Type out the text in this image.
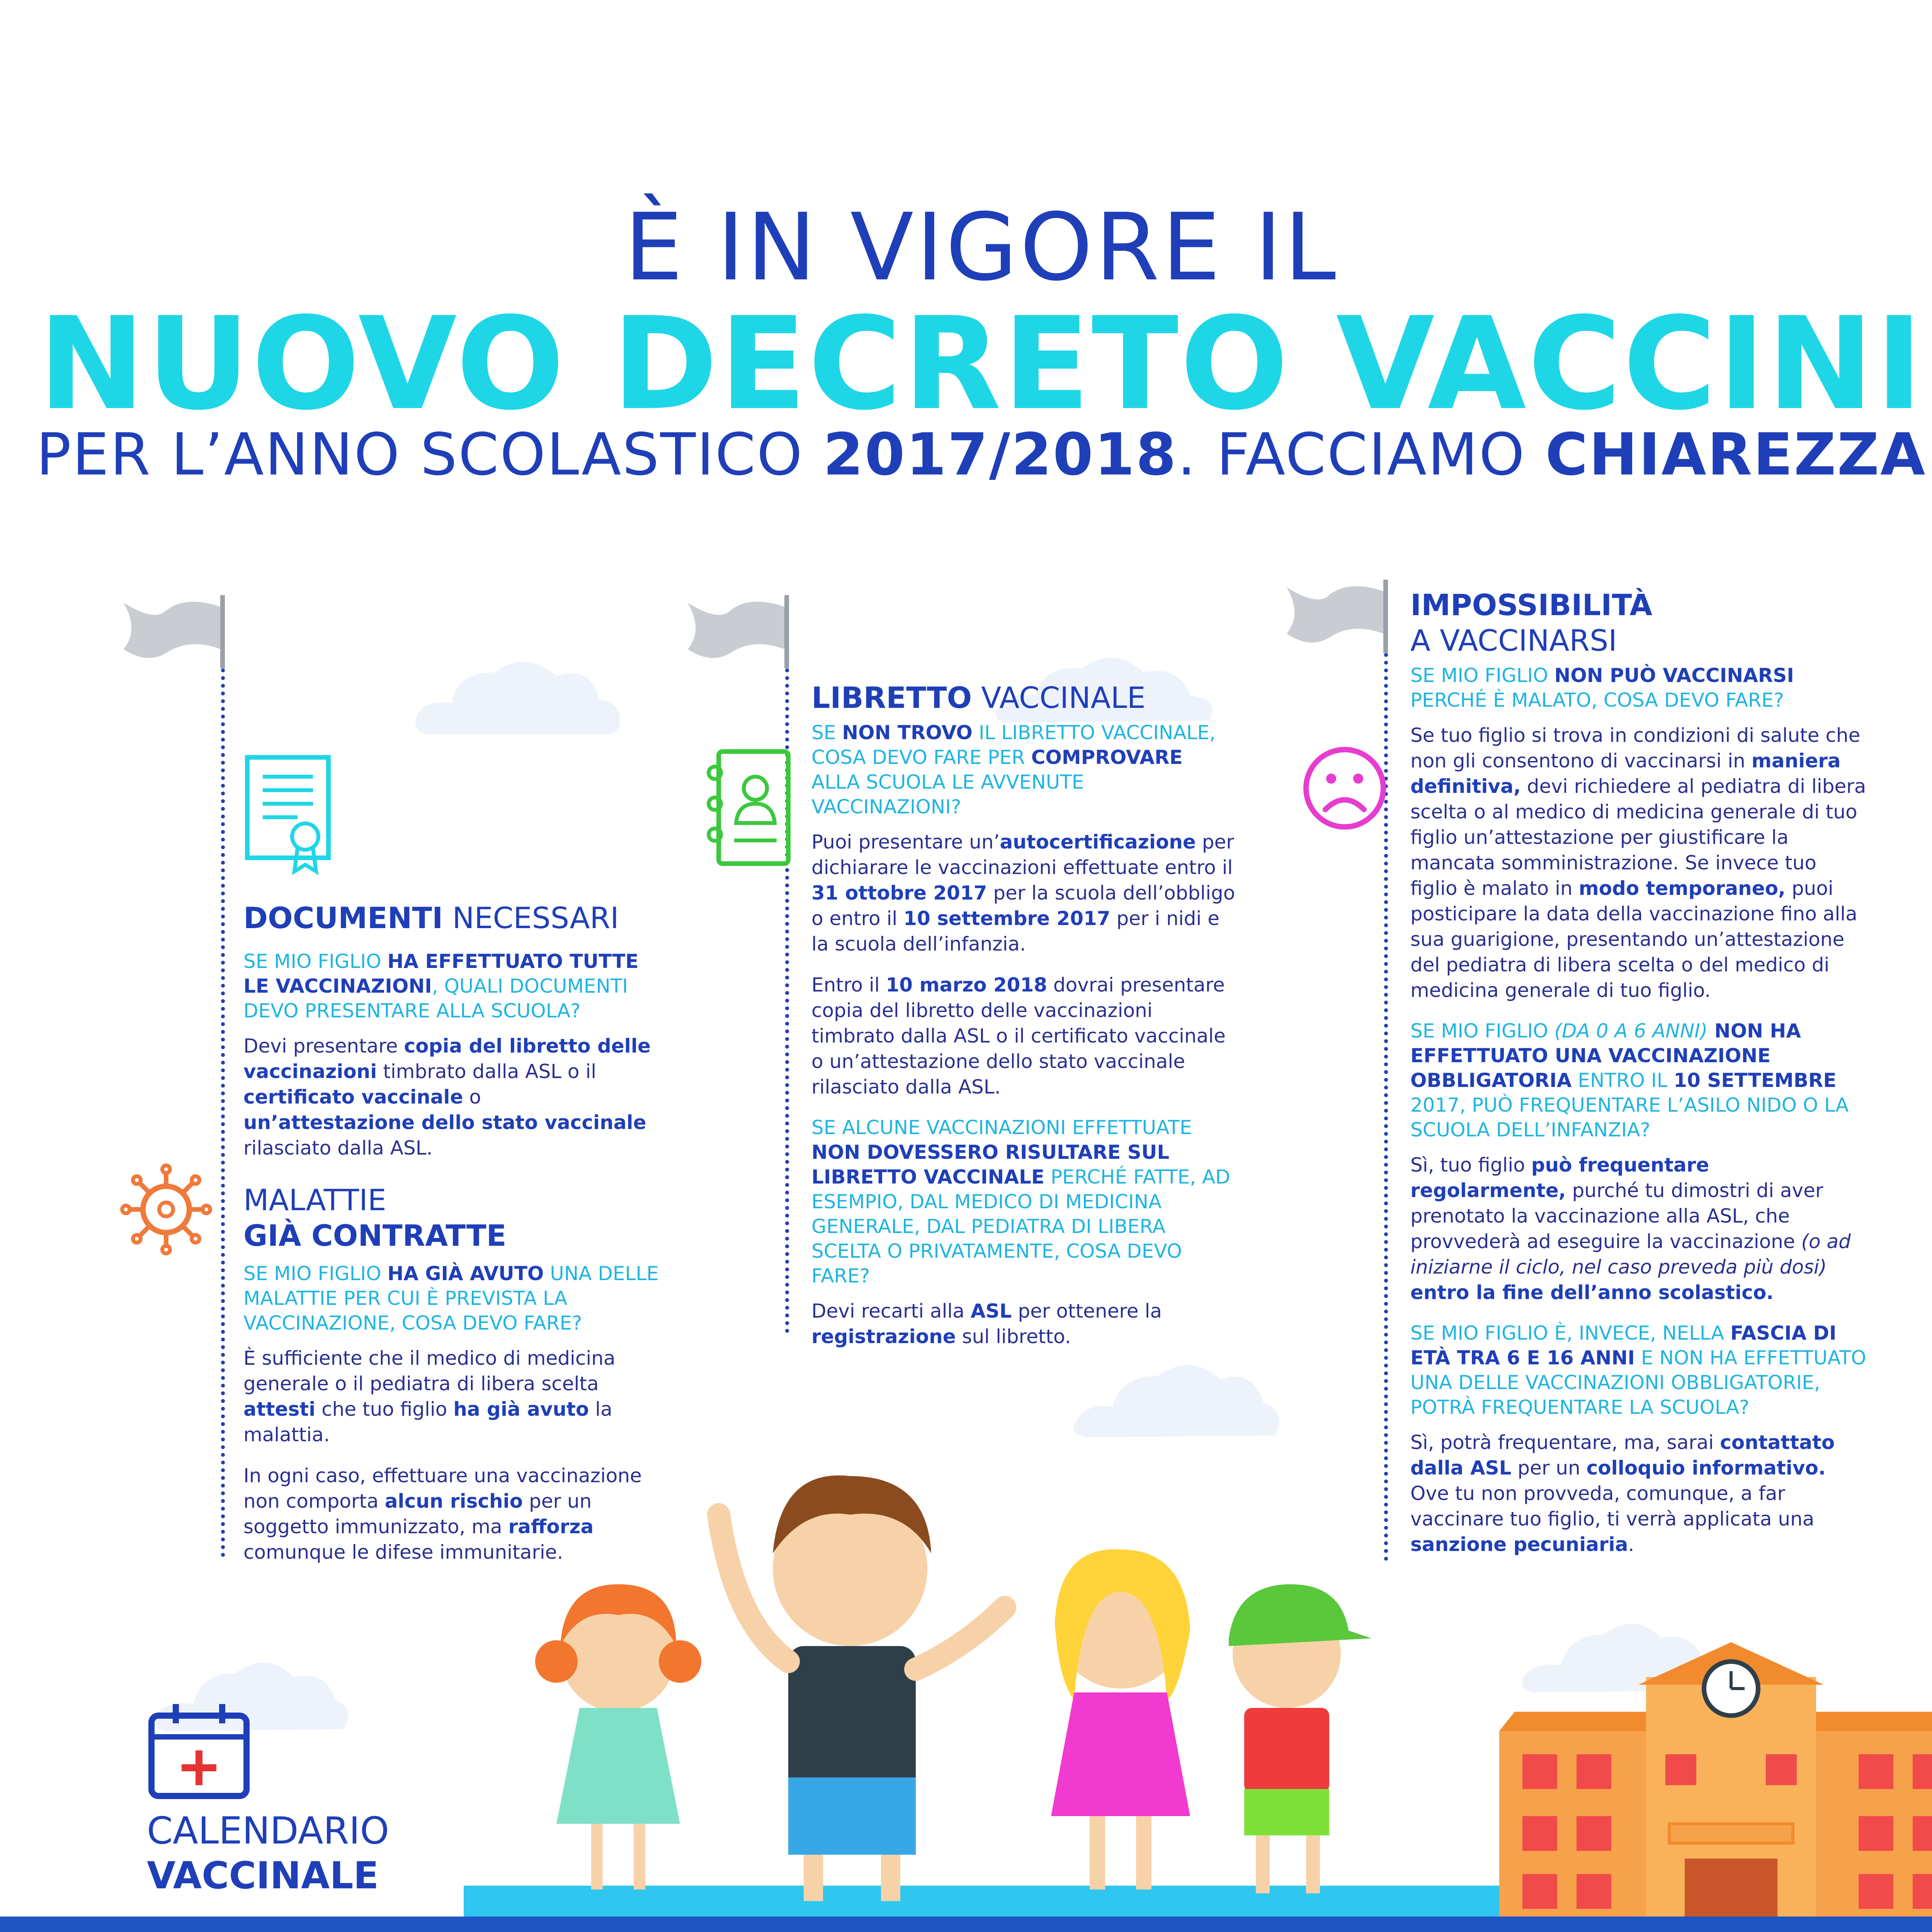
È IN VIGORE IL
NUOVO DECRETO VACCINI
PER L’ANNO SCOLASTICO 2017/2018. FACCIAMO CHIAREZZA
DOCUMENTI NECESSARI
SE MIO FIGLIO HA EFFETTUATO TUTTE LE VACCINAZIONI, QUALI DOCUMENTI DEVO PRESENTARE ALLA SCUOLA?
Devi presentare copia del libretto delle vaccinazioni timbrato dalla ASL o il certificato vaccinale o un’attestazione dello stato vaccinale rilasciato dalla ASL.
MALATTIE
GIÀ CONTRATTE
SE MIO FIGLIO HA GIÀ AVUTO UNA DELLE MALATTIE PER CUI È PREVISTA LA VACCINAZIONE, COSA DEVO FARE?
È sufficiente che il medico di medicina generale o il pediatra di libera scelta attesti che tuo figlio ha già avuto la malattia.
In ogni caso, effettuare una vaccinazione non comporta alcun rischio per un soggetto immunizzato, ma rafforza comunque le difese immunitarie.
LIBRETTO VACCINALE
SE NON TROVO IL LIBRETTO VACCINALE, COSA DEVO FARE PER COMPROVARE ALLA SCUOLA LE AVVENUTE VACCINAZIONI?
Puoi presentare un’autocertificazione per dichiarare le vaccinazioni effettuate entro il 31 ottobre 2017 per la scuola dell’obbligo o entro il 10 settembre 2017 per i nidi e la scuola dell’infanzia.
Entro il 10 marzo 2018 dovrai presentare copia del libretto delle vaccinazioni timbrato dalla ASL o il certificato vaccinale o un’attestazione dello stato vaccinale rilasciato dalla ASL.
SE ALCUNE VACCINAZIONI EFFETTUATE NON DOVESSERO RISULTARE SUL LIBRETTO VACCINALE PERCHÉ FATTE, AD ESEMPIO, DAL MEDICO DI MEDICINA GENERALE, DAL PEDIATRA DI LIBERA SCELTA O PRIVATAMENTE, COSA DEVO FARE?
Devi recarti alla ASL per ottenere la registrazione sul libretto.
IMPOSSIBILITÀ
A VACCINARSI
SE MIO FIGLIO NON PUÒ VACCINARSI PERCHÉ È MALATO, COSA DEVO FARE?
Se tuo figlio si trova in condizioni di salute che non gli consentono di vaccinarsi in maniera definitiva, devi richiedere al pediatra di libera scelta o al medico di medicina generale di tuo figlio un’attestazione per giustificare la mancata somministrazione. Se invece tuo figlio è malato in modo temporaneo, puoi posticipare la data della vaccinazione fino alla sua guarigione, presentando un’attestazione del pediatra di libera scelta o del medico di medicina generale di tuo figlio.
SE MIO FIGLIO (DA 0 A 6 ANNI) NON HA EFFETTUATO UNA VACCINAZIONE OBBLIGATORIA ENTRO IL 10 SETTEMBRE 2017, PUÒ FREQUENTARE L’ASILO NIDO O LA SCUOLA DELL’INFANZIA?
Sì, tuo figlio può frequentare regolarmente, purché tu dimostri di aver prenotato la vaccinazione alla ASL, che provvederà ad eseguire la vaccinazione (o ad iniziarne il ciclo, nel caso preveda più dosi) entro la fine dell’anno scolastico.
SE MIO FIGLIO È, INVECE, NELLA FASCIA DI ETÀ TRA 6 E 16 ANNI E NON HA EFFETTUATO UNA DELLE VACCINAZIONI OBBLIGATORIE, POTRÀ FREQUENTARE LA SCUOLA?
Sì, potrà frequentare, ma, sarai contattato dalla ASL per un colloquio informativo. Ove tu non provveda, comunque, a far vaccinare tuo figlio, ti verrà applicata una sanzione pecuniaria.
CALENDARIO
VACCINALE
